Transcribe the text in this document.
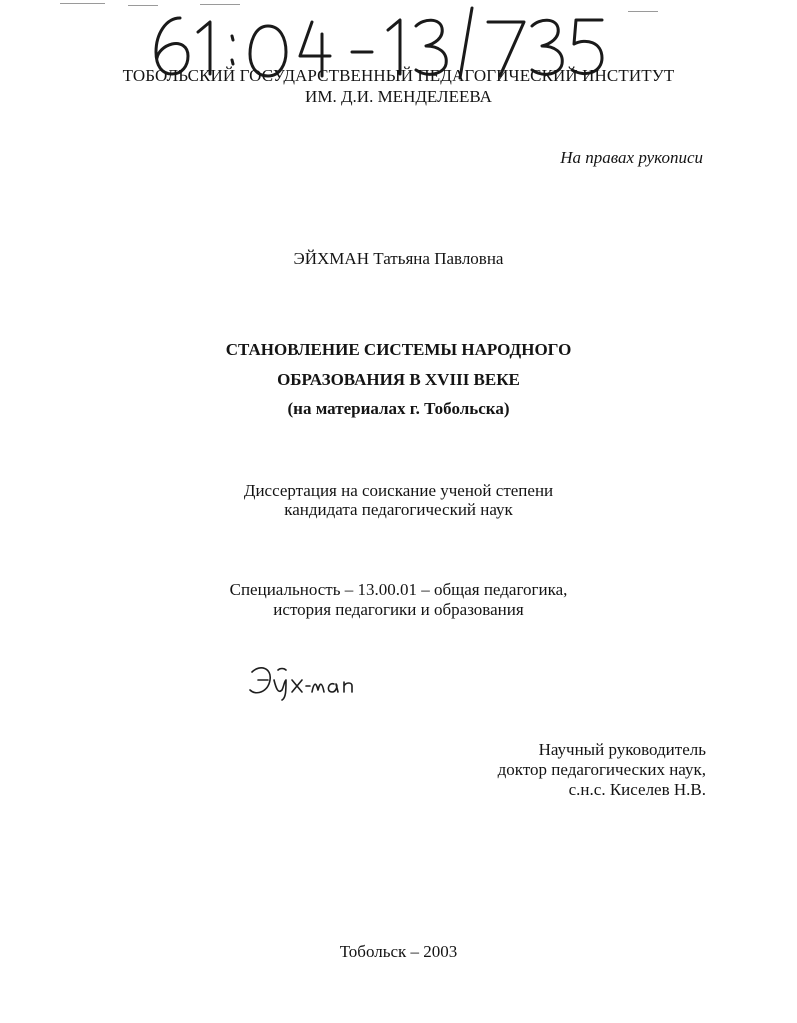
ТОБОЛЬСКИЙ ГОСУДАРСТВЕННЫЙ ПЕДАГОГИЧЕСКИЙ ИНСТИТУТ
ИМ. Д.И. МЕНДЕЛЕЕВА
На правах рукописи
ЭЙХМАН Татьяна Павловна
СТАНОВЛЕНИЕ СИСТЕМЫ НАРОДНОГО
ОБРАЗОВАНИЯ В XVIII ВЕКЕ
(на материалах г. Тобольска)
Диссертация на соискание ученой степени
кандидата педагогический наук
Специальность – 13.00.01 – общая педагогика,
история педагогики и образования
Научный руководитель
доктор педагогических наук,
с.н.с. Киселев Н.В.
Тобольск – 2003
